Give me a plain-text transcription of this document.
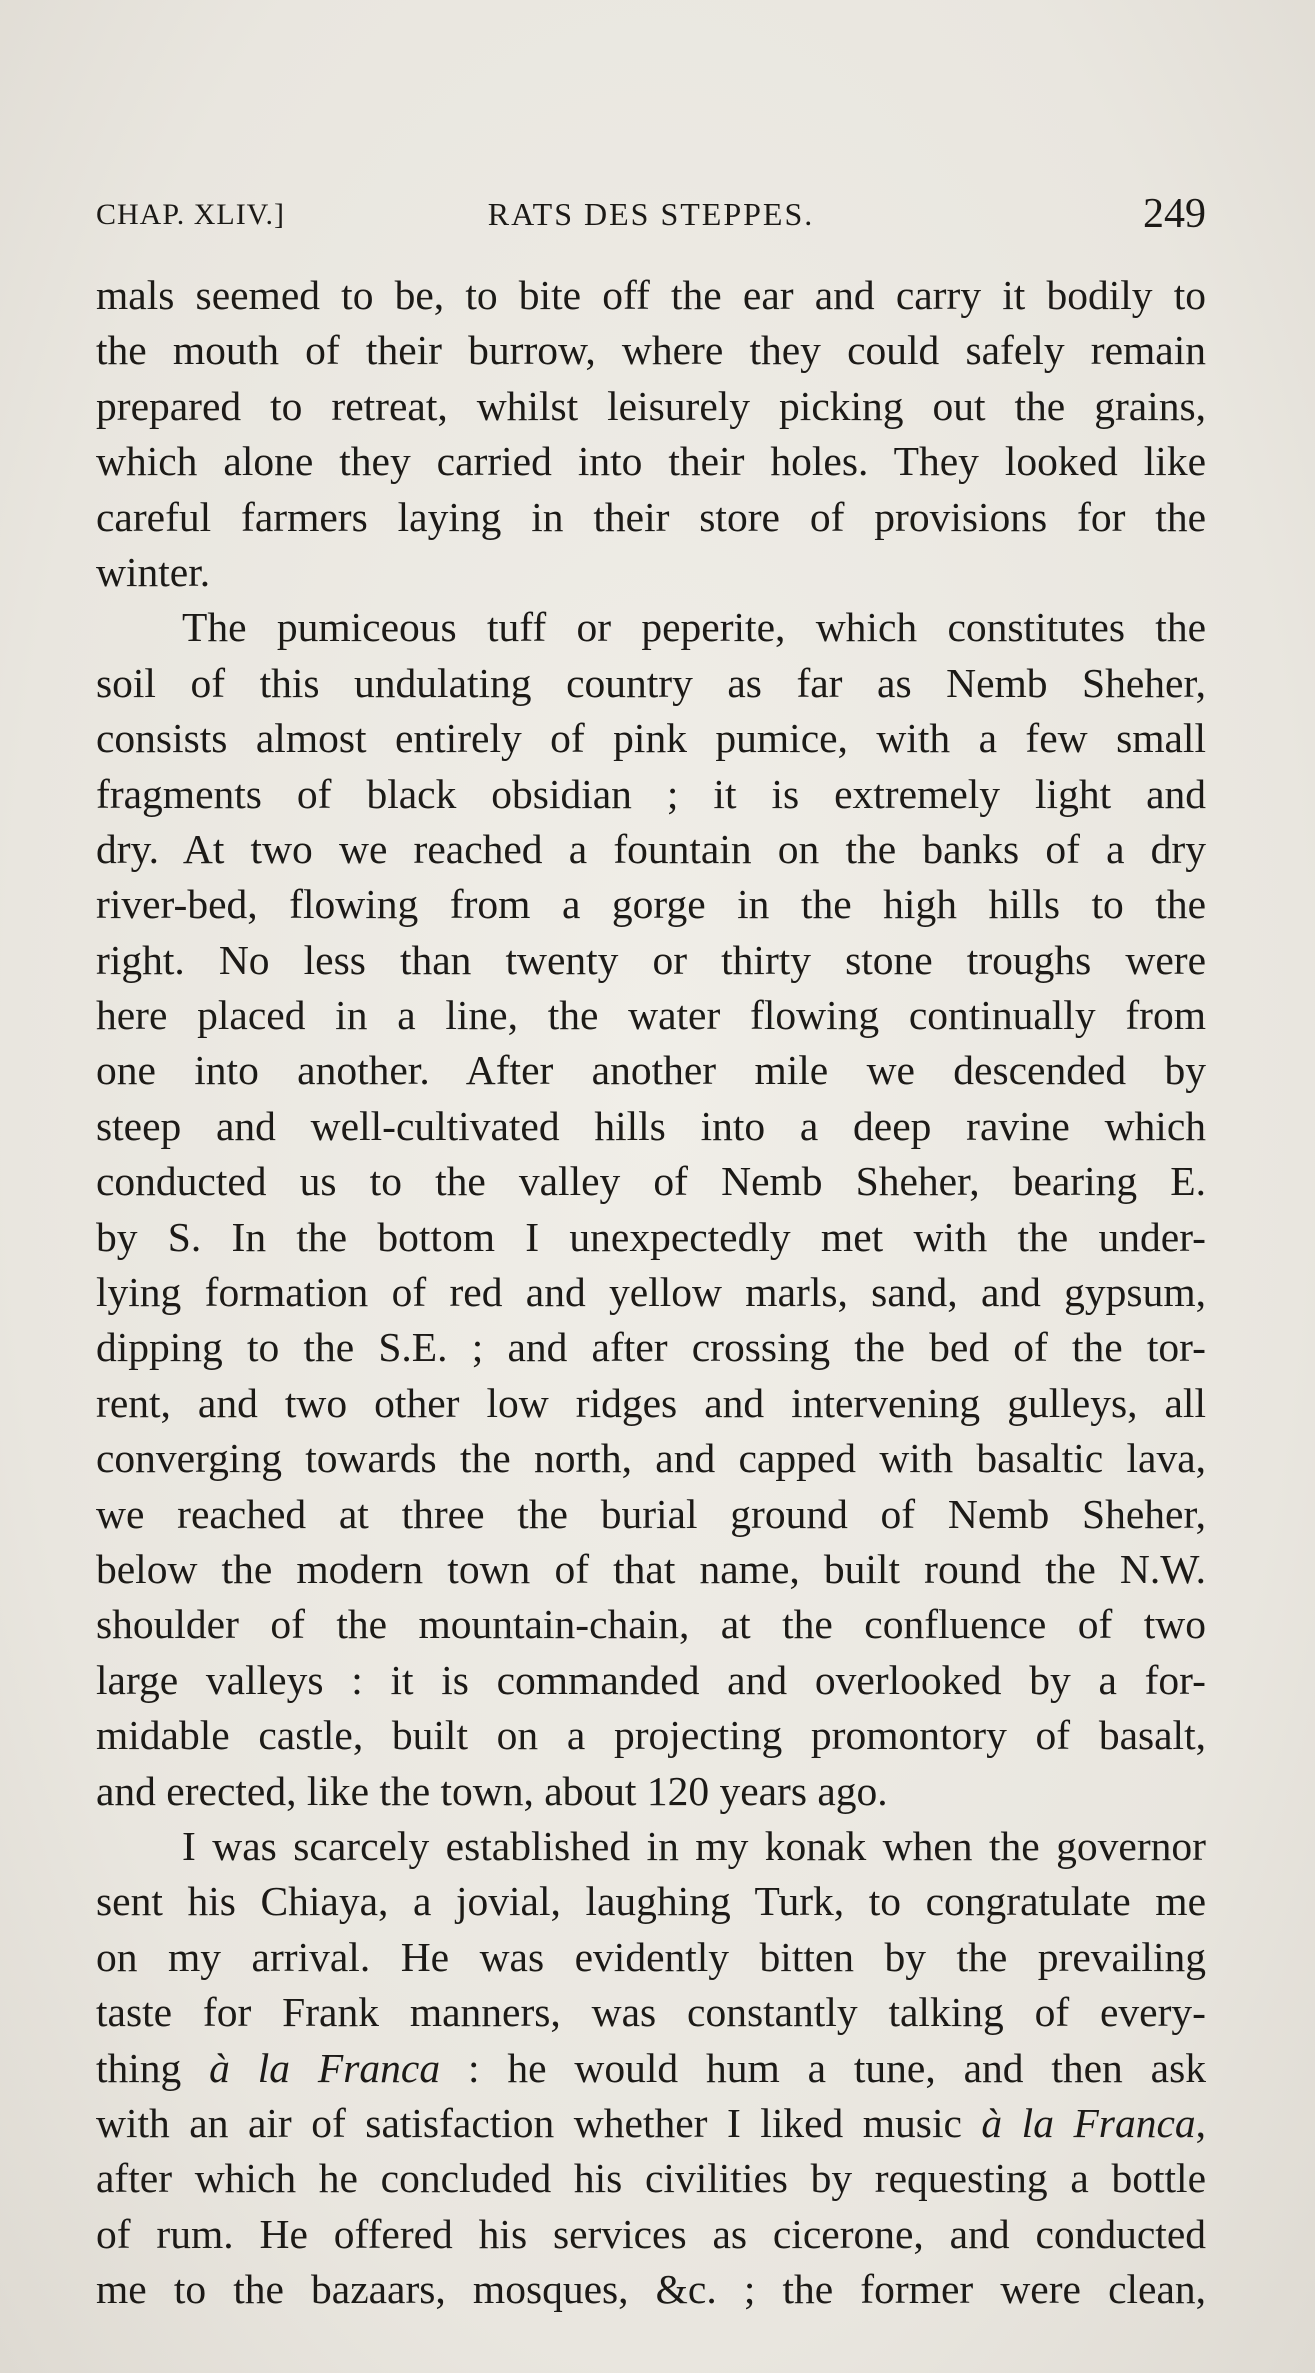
CHAP. XLIV.]	RATS DES STEPPES.	249
mals seemed to be, to bite off the ear and carry it bodily to
the mouth of their burrow, where they could safely remain
prepared to retreat, whilst leisurely picking out the grains,
which alone they carried into their holes. They looked like
careful farmers laying in their store of provisions for the
winter.
The pumiceous tuff or peperite, which constitutes the
soil of this undulating country as far as Nemb Sheher,
consists almost entirely of pink pumice, with a few small
fragments of black obsidian ; it is extremely light and
dry. At two we reached a fountain on the banks of a dry
river-bed, flowing from a gorge in the high hills to the
right. No less than twenty or thirty stone troughs were
here placed in a line, the water flowing continually from
one into another. After another mile we descended by
steep and well-cultivated hills into a deep ravine which
conducted us to the valley of Nemb Sheher, bearing E.
by S. In the bottom I unexpectedly met with the under-
lying formation of red and yellow marls, sand, and gypsum,
dipping to the S.E. ; and after crossing the bed of the tor-
rent, and two other low ridges and intervening gulleys, all
converging towards the north, and capped with basaltic lava,
we reached at three the burial ground of Nemb Sheher,
below the modern town of that name, built round the N.W.
shoulder of the mountain-chain, at the confluence of two
large valleys : it is commanded and overlooked by a for-
midable castle, built on a projecting promontory of basalt,
and erected, like the town, about 120 years ago.
I was scarcely established in my konak when the governor
sent his Chiaya, a jovial, laughing Turk, to congratulate me
on my arrival. He was evidently bitten by the prevailing
taste for Frank manners, was constantly talking of every-
thing à la Franca : he would hum a tune, and then ask
with an air of satisfaction whether I liked music à la Franca,
after which he concluded his civilities by requesting a bottle
of rum. He offered his services as cicerone, and conducted
me to the bazaars, mosques, &c. ; the former were clean,
